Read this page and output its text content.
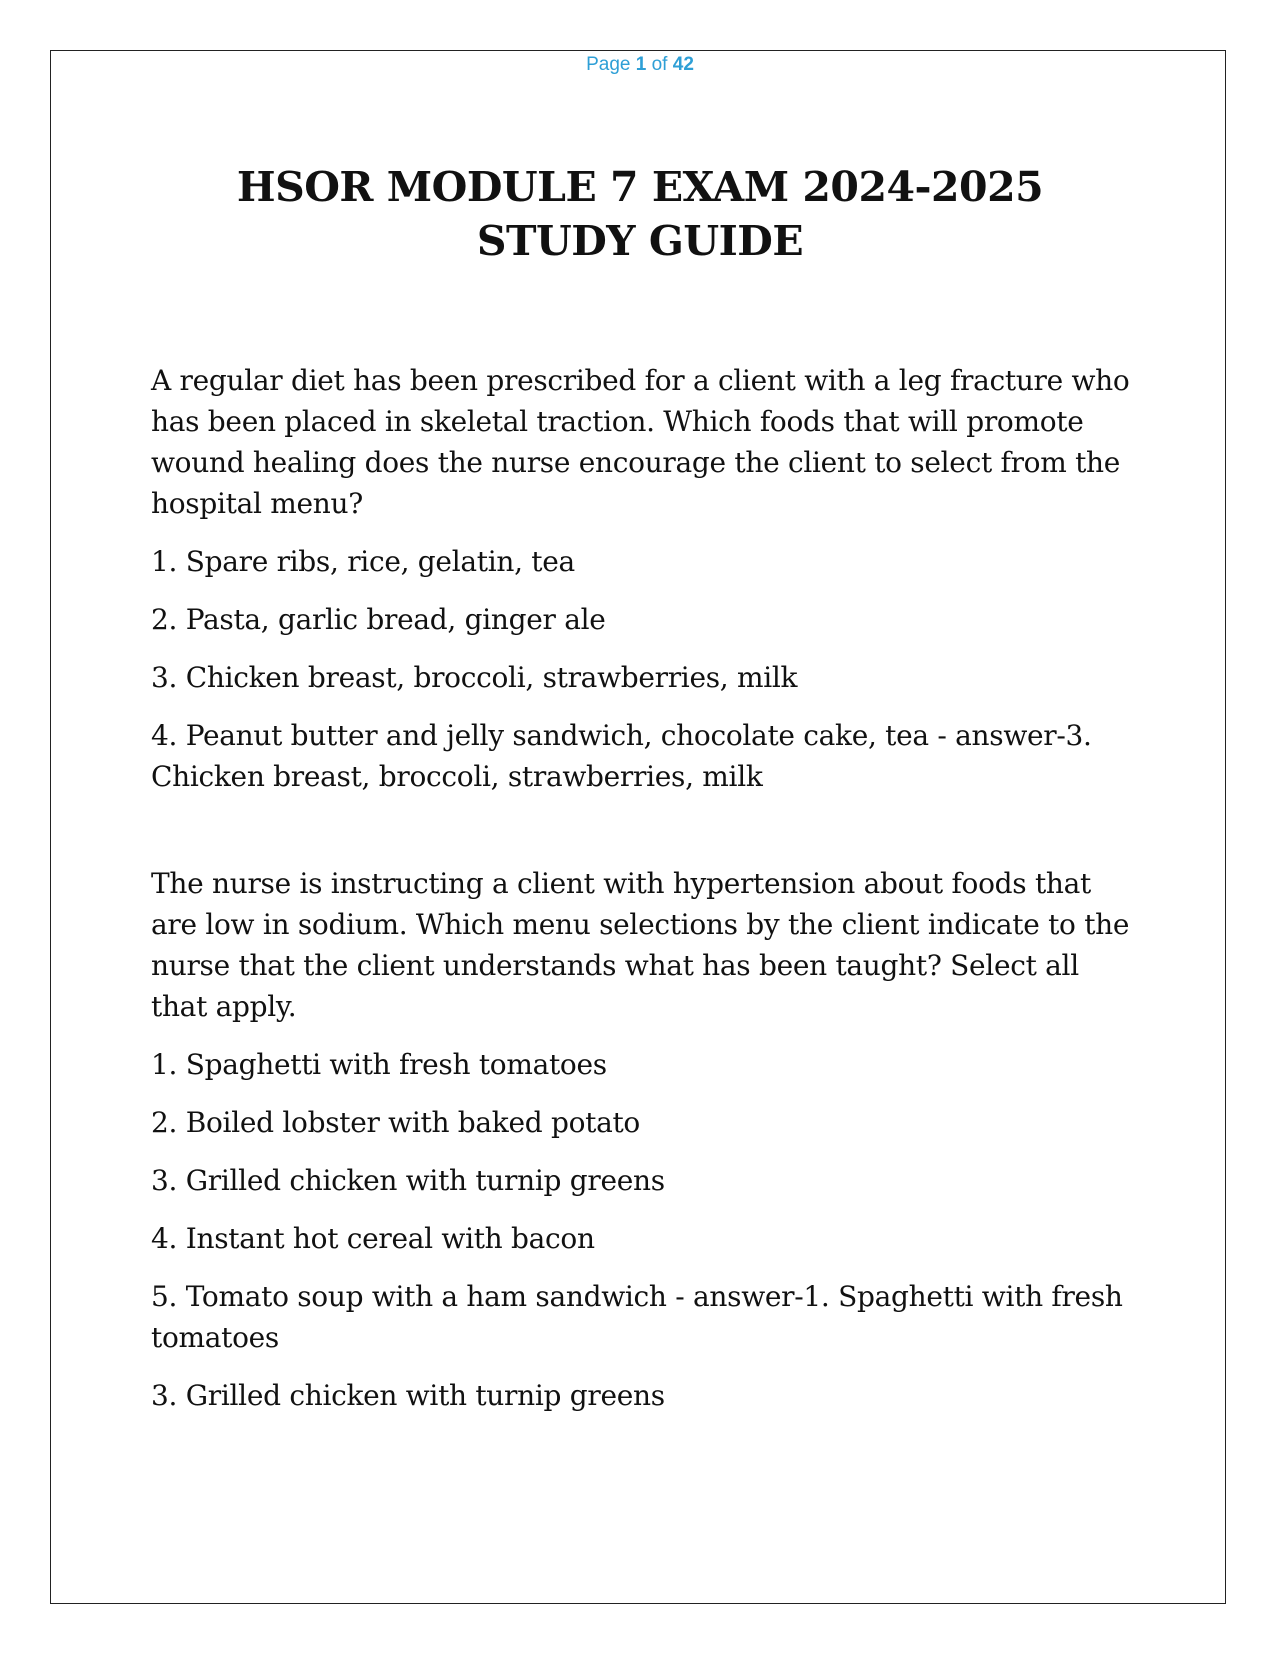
Page 1 of 42
HSOR MODULE 7 EXAM 2024-2025
STUDY GUIDE

A regular diet has been prescribed for a client with a leg fracture who has been placed in skeletal traction. Which foods that will promote wound healing does the nurse encourage the client to select from the hospital menu?

1. Spare ribs, rice, gelatin, tea

2. Pasta, garlic bread, ginger ale

3. Chicken breast, broccoli, strawberries, milk

4. Peanut butter and jelly sandwich, chocolate cake, tea - answer-3. Chicken breast, broccoli, strawberries, milk

The nurse is instructing a client with hypertension about foods that are low in sodium. Which menu selections by the client indicate to the nurse that the client understands what has been taught? Select all that apply.

1. Spaghetti with fresh tomatoes

2. Boiled lobster with baked potato

3. Grilled chicken with turnip greens

4. Instant hot cereal with bacon

5. Tomato soup with a ham sandwich - answer-1. Spaghetti with fresh tomatoes

3. Grilled chicken with turnip greens
